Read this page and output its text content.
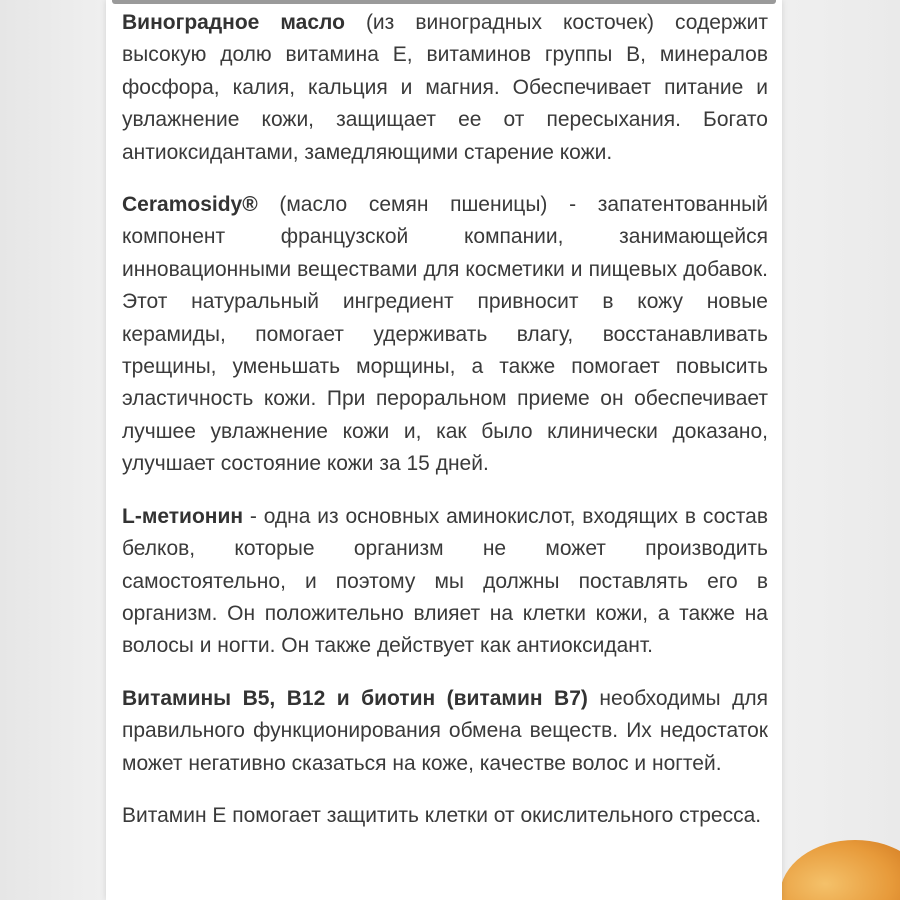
Виноградное масло (из виноградных косточек) содержит высокую долю витамина Е, витаминов группы В, минералов фосфора, калия, кальция и магния. Обеспечивает питание и увлажнение кожи, защищает ее от пересыхания. Богато антиоксидантами, замедляющими старение кожи.

Ceramosidy® (масло семян пшеницы) - запатентованный компонент французской компании, занимающейся инновационными веществами для косметики и пищевых добавок. Этот натуральный ингредиент привносит в кожу новые керамиды, помогает удерживать влагу, восстанавливать трещины, уменьшать морщины, а также помогает повысить эластичность кожи. При пероральном приеме он обеспечивает лучшее увлажнение кожи и, как было клинически доказано, улучшает состояние кожи за 15 дней.

L-метионин - одна из основных аминокислот, входящих в состав белков, которые организм не может производить самостоятельно, и поэтому мы должны поставлять его в организм. Он положительно влияет на клетки кожи, а также на волосы и ногти. Он также действует как антиоксидант.

Витамины B5, B12 и биотин (витамин B7) необходимы для правильного функционирования обмена веществ. Их недостаток может негативно сказаться на коже, качестве волос и ногтей.

Витамин Е помогает защитить клетки от окислительного стресса.
